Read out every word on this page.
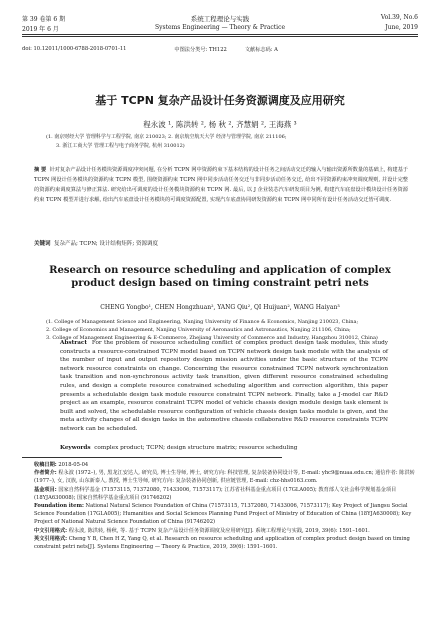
第 39 卷第 6 期	系统工程理论与实践	Vol.39, No.6
2019 年 6 月	Systems Engineering — Theory & Practice	June, 2019
doi: 10.12011/1000-6788-2018-0701-11	中图法分类号: TH122	文献标志码: A
基于 TCPN 复杂产品设计任务资源调度及应用研究
程永波 ¹, 陈洪转 ², 杨 秋 ², 齐慧娟 ², 王海燕 ³
(1. 南京财经大学 管理科学与工程学院, 南京 210023; 2. 南京航空航天大学 经济与管理学院, 南京 211106;
3. 浙江工商大学 管理工程与电子商务学院, 杭州 310012)
摘 要 针对复杂产品设计任务模块资源调度冲突问题, 在分析 TCPN 网中资源约束下基本结构的设计任务之间活动交迁的输入与输出资源所数量的基础上, 构建基于 TCPN 网设计任务模块的资源约束 TCPN 模型, 围绕资源约束 TCPN 网中同步活动任务交迁与非同步活动任务交迁, 给出不同资源约束冲突调度规则, 并设计完整的资源约束调度算法与修正算法. 研究给出可调度的设计任务模块资源约束 TCPN 网. 最后, 以 J 企业装芯汽车研发项目为例, 构建汽车底盘设计模块设计任务资源约束 TCPN 模型并进行求解, 给出汽车底盘设计任务模块的可调度资源配置, 实现汽车底盘协同研发资源约束 TCPN 网中同所有设计任务活动交迁皆可调度.
关键词 复杂产品; TCPN; 设计结构矩阵; 资源调度
Research on resource scheduling and application of complex product design based on timing constraint petri nets
CHENG Yongbo¹, CHEN Hongzhuan², YANG Qiu², QI Huijuan², WANG Haiyan³
(1. College of Management Science and Engineering, Nanjing University of Finance & Economics, Nanjing 210023, China;
2. College of Economics and Management, Nanjing University of Aeronautics and Astronautics, Nanjing 211106, China;
3. College of Management Engineering & E-Commerce, Zhejiang University of Commerce and Industry, Hangzhou 310012, China)
Abstract For the problem of resource scheduling conflict of complex product design task modules, this study constructs a resource-constrained TCPN model based on TCPN network design task module with the analysis of the number of input and output repository design mission activities under the basic structure of the TCPN network resource constraints on change. Concerning the resource constrained TCPN network synchronization task transition and non-synchronous activity task transition, given different resource constrained scheduling rules, and design a complete resource constrained scheduling algorithm and correction algorithm, this paper presents a schedulable design task module resource constraint TCPN network. Finally, take a J-model car R&D project as an example, resource constraint TCPN model of vehicle chassis design module design task element is built and solved, the schedulable resource configuration of vehicle chassis design tasks module is given, and the meta activity changes of all design tasks in the automotive chassis collaborative R&D resource constraints TCPN network can be scheduled.
Keywords complex product; TCPN; design structure matrix; resource scheduling
收稿日期: 2018-05-04
作者简介: 程永波 (1972–), 男, 黑龙江安达人, 研究员, 博士生导师, 博士, 研究方向: 科技管理, 复杂装备协同设计等, E-mail: yhc9@nuaa.edu.cn; 通信作者: 陈洪转 (1977–), 女, 汉族, 山东新泰人, 教授, 博士生导师, 研究方向: 复杂装备协同创新, 供应链管理, E-mail: chz-hhs0163.com.
基金项目: 国家自然科学基金 (71573115, 71372080, 71433006, 71573117); 江苏省社科基金重点项目 (17GLA005); 教育部人文社会科学规划基金项目 (18YJA630008); 国家自然科学基金重点项目 (91746202)
Foundation item: National Natural Science Foundation of China (71573115, 71372080, 71433006, 71573117); Key Project of Jiangsu Social Science Foundation (17GLA005); Humanities and Social Sciences Planning Fund Project of Ministry of Education of China (18YJA630008); Key Project of National Natural Science Foundation of China (91746202)
中文引用格式: 程永波, 陈洪转, 杨秋, 等. 基于 TCPN 复杂产品设计任务资源调度及应用研究[J]. 系统工程理论与实践, 2019, 39(6): 1591–1601.
英文引用格式: Cheng Y B, Chen H Z, Yang Q, et al. Research on resource scheduling and application of complex product design based on timing constraint petri nets[J]. Systems Engineering — Theory & Practice, 2019, 39(6): 1591–1601.
